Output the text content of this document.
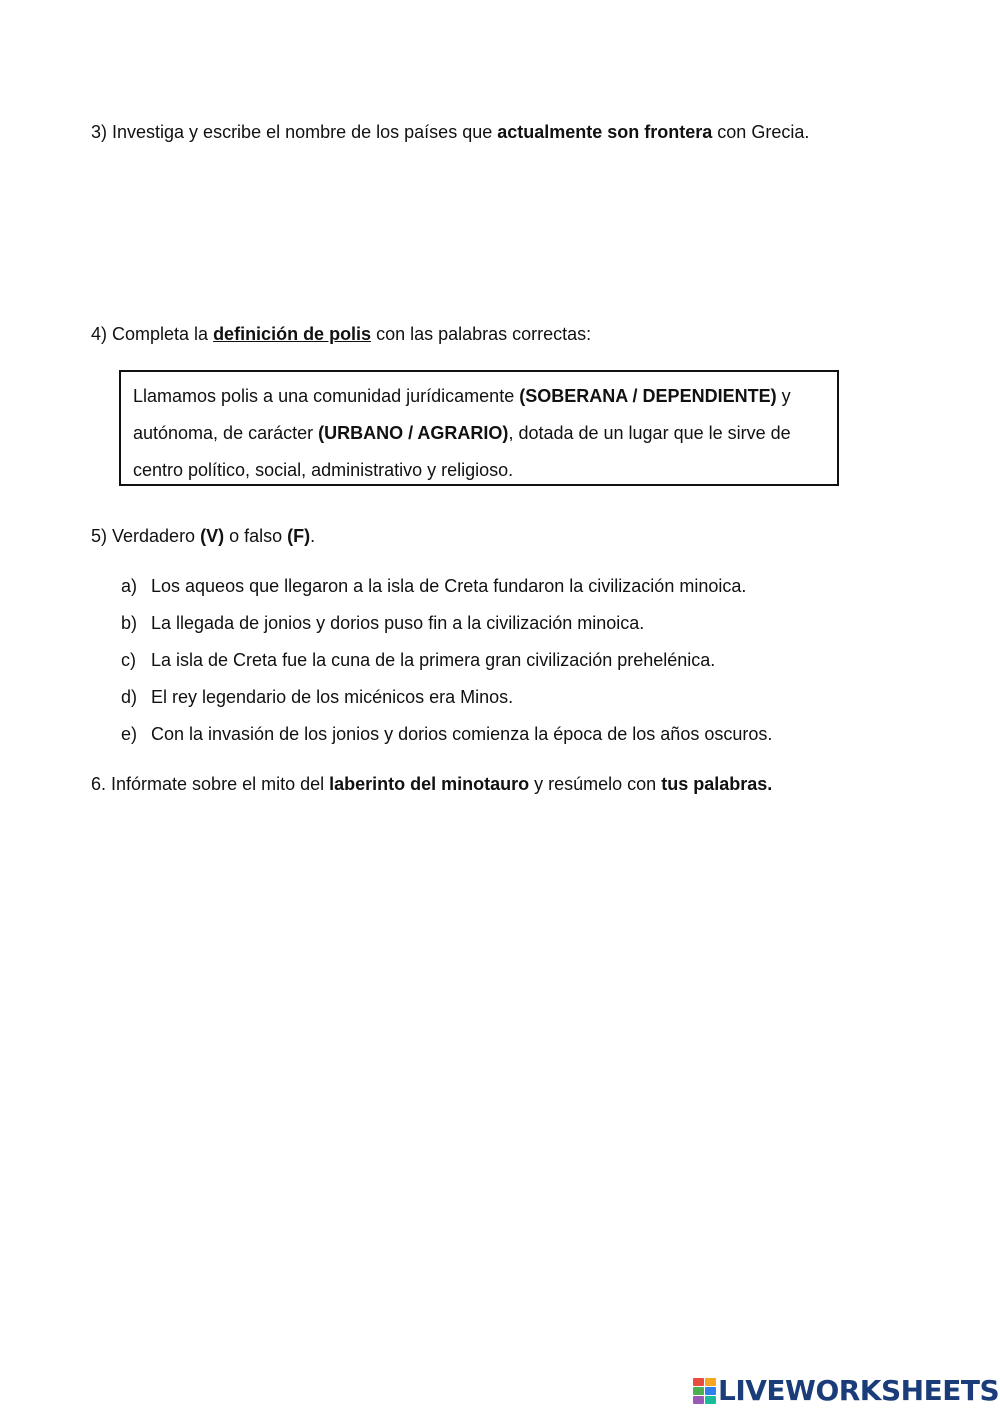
3) Investiga y escribe el nombre de los países que actualmente son frontera con Grecia.

4) Completa la definición de polis con las palabras correctas:

Llamamos polis a una comunidad jurídicamente (SOBERANA / DEPENDIENTE) y
autónoma, de carácter (URBANO / AGRARIO), dotada de un lugar que le sirve de
centro político, social, administrativo y religioso.

5) Verdadero (V) o falso (F).

a) Los aqueos que llegaron a la isla de Creta fundaron la civilización minoica.
b) La llegada de jonios y dorios puso fin a la civilización minoica.
c) La isla de Creta fue la cuna de la primera gran civilización prehelénica.
d) El rey legendario de los micénicos era Minos.
e) Con la invasión de los jonios y dorios comienza la época de los años oscuros.

6. Infórmate sobre el mito del laberinto del minotauro y resúmelo con tus palabras.

LIVEWORKSHEETS
